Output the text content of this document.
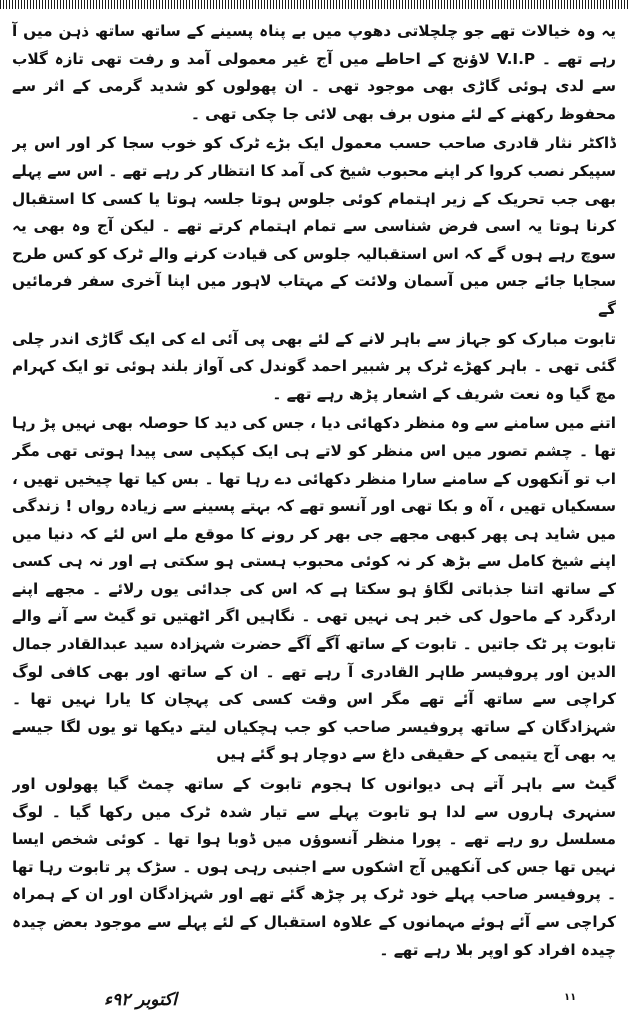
یہ وہ خیالات تھے جو چلچلاتی دھوپ میں بے پناہ پسینے کے ساتھ ساتھ ذہن میں آ رہے تھے ۔ V.I.P لاؤنج کے احاطے میں آج غیر معمولی آمد و رفت تھی تازہ گلاب سے لدی ہوئی گاڑی بھی موجود تھی ۔ ان پھولوں کو شدید گرمی کے اثر سے محفوظ رکھنے کے لئے منوں برف بھی لائی جا چکی تھی ۔

ڈاکٹر نثار قادری صاحب حسب معمول ایک بڑے ٹرک کو خوب سجا کر اور اس پر سپیکر نصب کروا کر اپنے محبوب شیخ کی آمد کا انتظار کر رہے تھے ۔ اس سے پہلے بھی جب تحریک کے زیر اہتمام کوئی جلوس ہوتا جلسہ ہوتا یا کسی کا استقبال کرنا ہوتا یہ اسی فرض شناسی سے تمام اہتمام کرتے تھے ۔ لیکن آج وہ بھی یہ سوچ رہے ہوں گے کہ اس استقبالیہ جلوس کی قیادت کرنے والے ٹرک کو کس طرح سجایا جائے جس میں آسمان ولائت کے مہتاب لاہور میں اپنا آخری سفر فرمائیں گے

تابوت مبارک کو جہاز سے باہر لانے کے لئے بھی پی آئی اے کی ایک گاڑی اندر چلی گئی تھی ۔ باہر کھڑے ٹرک پر شبیر احمد گوندل کی آواز بلند ہوئی تو ایک کہرام مچ گیا وہ نعت شریف کے اشعار پڑھ رہے تھے ۔

اتنے میں سامنے سے وہ منظر دکھائی دیا ، جس کی دید کا حوصلہ بھی نہیں پڑ رہا تھا ۔ چشم تصور میں اس منظر کو لاتے ہی ایک کپکپی سی پیدا ہوتی تھی مگر اب تو آنکھوں کے سامنے سارا منظر دکھائی دے رہا تھا ۔ بس کیا تھا چیخیں تھیں ، سسکیاں تھیں ، آہ و بکا تھی اور آنسو تھے کہ بہتے پسینے سے زیادہ رواں ! زندگی میں شاید ہی پھر کبھی مجھے جی بھر کر رونے کا موقع ملے اس لئے کہ دنیا میں اپنے شیخ کامل سے بڑھ کر نہ کوئی محبوب ہستی ہو سکتی ہے اور نہ ہی کسی کے ساتھ اتنا جذباتی لگاؤ ہو سکتا ہے کہ اس کی جدائی یوں رلائے ۔ مجھے اپنے اردگرد کے ماحول کی خبر ہی نہیں تھی ۔ نگاہیں اگر اٹھتیں تو گیٹ سے آنے والے تابوت پر ٹک جاتیں ۔ تابوت کے ساتھ آگے آگے حضرت شہزادہ سید عبدالقادر جمال الدین اور پروفیسر طاہر القادری آ رہے تھے ۔ ان کے ساتھ اور بھی کافی لوگ کراچی سے ساتھ آئے تھے مگر اس وقت کسی کی پہچان کا یارا نہیں تھا ۔ شہزادگان کے ساتھ پروفیسر صاحب کو جب ہچکیاں لیتے دیکھا تو یوں لگا جیسے یہ بھی آج یتیمی کے حقیقی داغ سے دوچار ہو گئے ہیں

گیٹ سے باہر آتے ہی دیوانوں کا ہجوم تابوت کے ساتھ چمٹ گیا پھولوں اور سنہری ہاروں سے لدا ہو تابوت پہلے سے تیار شدہ ٹرک میں رکھا گیا ۔ لوگ مسلسل رو رہے تھے ۔ پورا منظر آنسوؤں میں ڈوبا ہوا تھا ۔ کوئی شخص ایسا نہیں تھا جس کی آنکھیں آج اشکوں سے اجنبی رہی ہوں ۔ سڑک پر تابوت رہا تھا ۔ پروفیسر صاحب پہلے خود ٹرک پر چڑھ گئے تھے اور شہزادگان اور ان کے ہمراہ کراچی سے آئے ہوئے مہمانوں کے علاوہ استقبال کے لئے پہلے سے موجود بعض چیدہ چیدہ افراد کو اوپر بلا رہے تھے ۔

اکتوبر ۹۲ء	۱۱
